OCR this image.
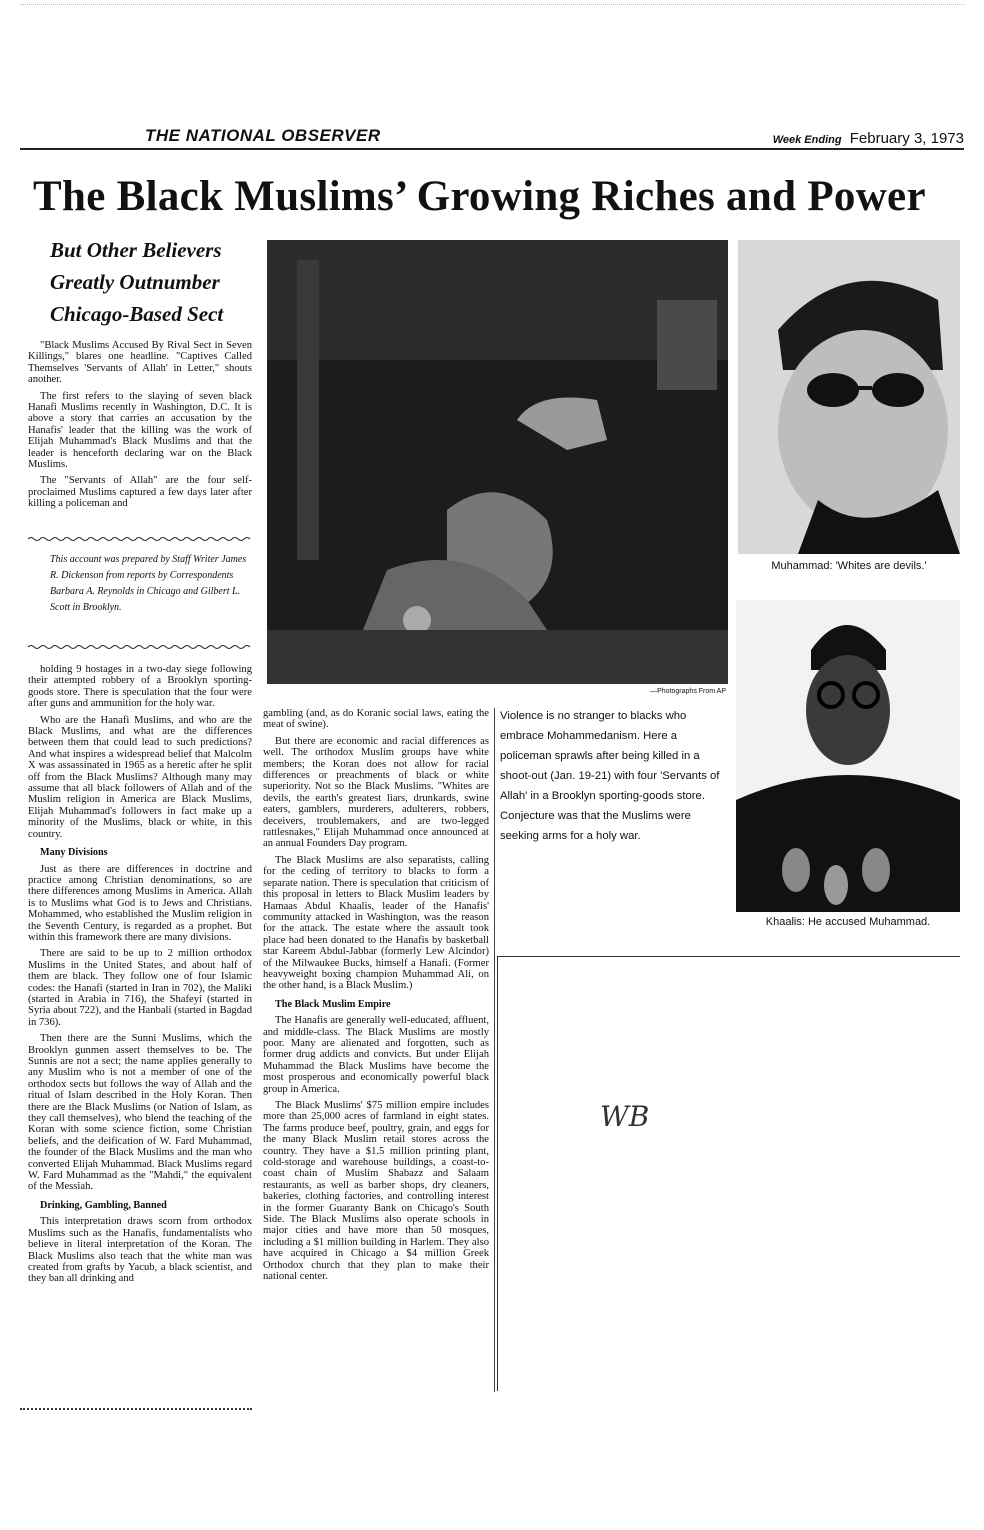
THE NATIONAL OBSERVER	Week Ending February 3, 1973
The Black Muslims’ Growing Riches and Power
But Other Believers
Greatly Outnumber
Chicago-Based Sect

"Black Muslims Accused By Rival Sect in Seven Killings," blares one headline. "Captives Called Themselves 'Servants of Allah' in Letter," shouts another.

The first refers to the slaying of seven black Hanafi Muslims recently in Washington, D.C. It is above a story that carries an accusation by the Hanafis' leader that the killing was the work of Elijah Muhammad's Black Muslims and that the leader is henceforth declaring war on the Black Muslims.

The "Servants of Allah" are the four self-proclaimed Muslims captured a few days later after killing a policeman and

This account was prepared by Staff Writer James R. Dickenson from reports by Correspondents Barbara A. Reynolds in Chicago and Gilbert L. Scott in Brooklyn.

holding 9 hostages in a two-day siege following their attempted robbery of a Brooklyn sporting-goods store. There is speculation that the four were after guns and ammunition for the holy war.

Who are the Hanafi Muslims, and who are the Black Muslims, and what are the differences between them that could lead to such predictions? And what inspires a widespread belief that Malcolm X was assassinated in 1965 as a heretic after he split off from the Black Muslims? Although many may assume that all black followers of Allah and of the Muslim religion in America are Black Muslims, Elijah Muhammad's followers in fact make up a minority of the Muslims, black or white, in this country.

Many Divisions

Just as there are differences in doctrine and practice among Christian denominations, so are there differences among Muslims in America. Allah is to Muslims what God is to Jews and Christians. Mohammed, who established the Muslim religion in the Seventh Century, is regarded as a prophet. But within this framework there are many divisions.

There are said to be up to 2 million orthodox Muslims in the United States, and about half of them are black. They follow one of four Islamic codes: the Hanafi (started in Iran in 702), the Maliki (started in Arabia in 716), the Shafeyi (started in Syria about 722), and the Hanbali (started in Bagdad in 736).

Then there are the Sunni Muslims, which the Brooklyn gunmen assert themselves to be. The Sunnis are not a sect; the name applies generally to any Muslim who is not a member of one of the orthodox sects but follows the way of Allah and the ritual of Islam described in the Holy Koran. Then there are the Black Muslims (or Nation of Islam, as they call themselves), who blend the teaching of the Koran with some science fiction, some Christian beliefs, and the deification of W. Fard Muhammad, the founder of the Black Muslims and the man who converted Elijah Muhammad. Black Muslims regard W. Fard Muhammad as the "Mahdi," the equivalent of the Messiah.

Drinking, Gambling, Banned

This interpretation draws scorn from orthodox Muslims such as the Hanafis, fundamentalists who believe in literal interpretation of the Koran. The Black Muslims also teach that the white man was created from grafts by Yacub, a black scientist, and they ban all drinking and

—Photographs From AP
Muhammad: 'Whites are devils.'
Khaalis: He accused Muhammad.

gambling (and, as do Koranic social laws, eating the meat of swine).

But there are economic and racial differences as well. The orthodox Muslim groups have white members; the Koran does not allow for racial differences or preachments of black or white superiority. Not so the Black Muslims. "Whites are devils, the earth's greatest liars, drunkards, swine eaters, gamblers, murderers, adulterers, robbers, deceivers, troublemakers, and are two-legged rattlesnakes," Elijah Muhammad once announced at an annual Founders Day program.

The Black Muslims are also separatists, calling for the ceding of territory to blacks to form a separate nation. There is speculation that criticism of this proposal in letters to Black Muslim leaders by Hamaas Abdul Khaalis, leader of the Hanafis' community attacked in Washington, was the reason for the attack. The estate where the assault took place had been donated to the Hanafis by basketball star Kareem Abdul-Jabbar (formerly Lew Alcindor) of the Milwaukee Bucks, himself a Hanafi. (Former heavyweight boxing champion Muhammad Ali, on the other hand, is a Black Muslim.)

The Black Muslim Empire

The Hanafis are generally well-educated, affluent, and middle-class. The Black Muslims are mostly poor. Many are alienated and forgotten, such as former drug addicts and convicts. But under Elijah Muhammad the Black Muslims have become the most prosperous and economically powerful black group in America.

The Black Muslims' $75 million empire includes more than 25,000 acres of farmland in eight states. The farms produce beef, poultry, grain, and eggs for the many Black Muslim retail stores across the country. They have a $1.5 million printing plant, cold-storage and warehouse buildings, a coast-to-coast chain of Muslim Shabazz and Salaam restaurants, as well as barber shops, dry cleaners, bakeries, clothing factories, and controlling interest in the former Guaranty Bank on Chicago's South Side. The Black Muslims also operate schools in major cities and have more than 50 mosques, including a $1 million building in Harlem. They also have acquired in Chicago a $4 million Greek Orthodox church that they plan to make their national center.

Violence is no stranger to blacks who embrace Mohammedanism. Here a policeman sprawls after being killed in a shoot-out (Jan. 19-21) with four 'Servants of Allah' in a Brooklyn sporting-goods store. Conjecture was that the Muslims were seeking arms for a holy war.
WB
